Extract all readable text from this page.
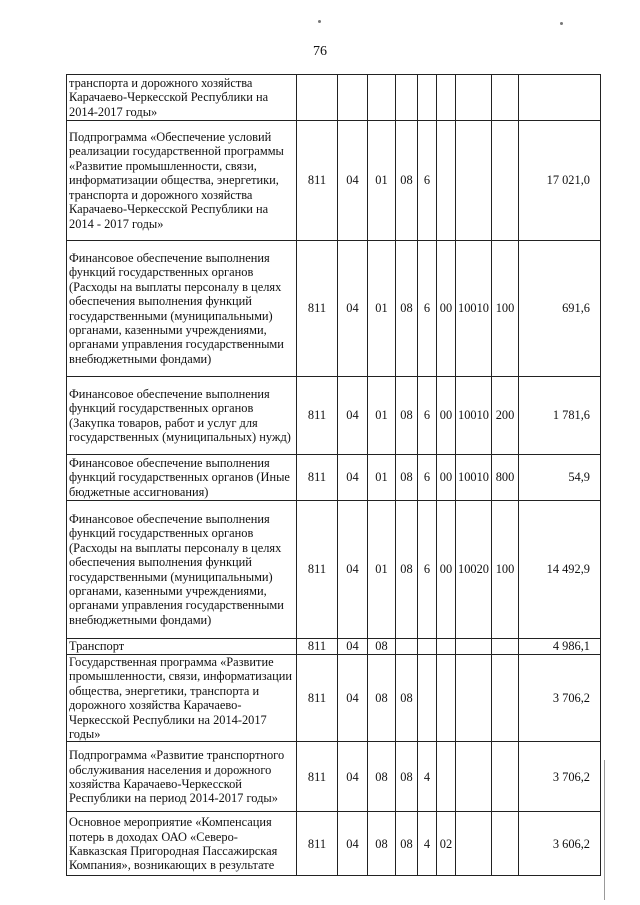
76
транспорта и дорожного хозяйства Карачаево-Черкесской Республики на 2014-2017 годы»									
Подпрограмма «Обеспечение условий реализации государственной программы «Развитие промышленности, связи, информатизации общества, энергетики, транспорта и дорожного хозяйства Карачаево-Черкесской Республики на 2014 - 2017 годы»	811	04	01	08	6				17 021,0
Финансовое обеспечение выполнения функций государственных органов (Расходы на выплаты персоналу в целях обеспечения выполнения функций государственными (муниципальными) органами, казенными учреждениями, органами управления государственными внебюджетными фондами)	811	04	01	08	6	00	10010	100	691,6
Финансовое обеспечение выполнения функций государственных органов (Закупка товаров, работ и услуг для государственных (муниципальных) нужд)	811	04	01	08	6	00	10010	200	1 781,6
Финансовое обеспечение выполнения функций государственных органов (Иные бюджетные ассигнования)	811	04	01	08	6	00	10010	800	54,9
Финансовое обеспечение выполнения функций государственных органов (Расходы на выплаты персоналу в целях обеспечения выполнения функций государственными (муниципальными) органами, казенными учреждениями, органами управления государственными внебюджетными фондами)	811	04	01	08	6	00	10020	100	14 492,9
Транспорт	811	04	08						4 986,1
Государственная программа «Развитие промышленности, связи, информатизации общества, энергетики, транспорта и дорожного хозяйства Карачаево-Черкесской Республики на 2014-2017 годы»	811	04	08	08					3 706,2
Подпрограмма «Развитие транспортного обслуживания населения и дорожного хозяйства Карачаево-Черкесской Республики на период 2014-2017 годы»	811	04	08	08	4				3 706,2
Основное мероприятие «Компенсация потерь в доходах ОАО «Северо-Кавказская Пригородная Пассажирская Компания», возникающих в результате	811	04	08	08	4	02			3 606,2
